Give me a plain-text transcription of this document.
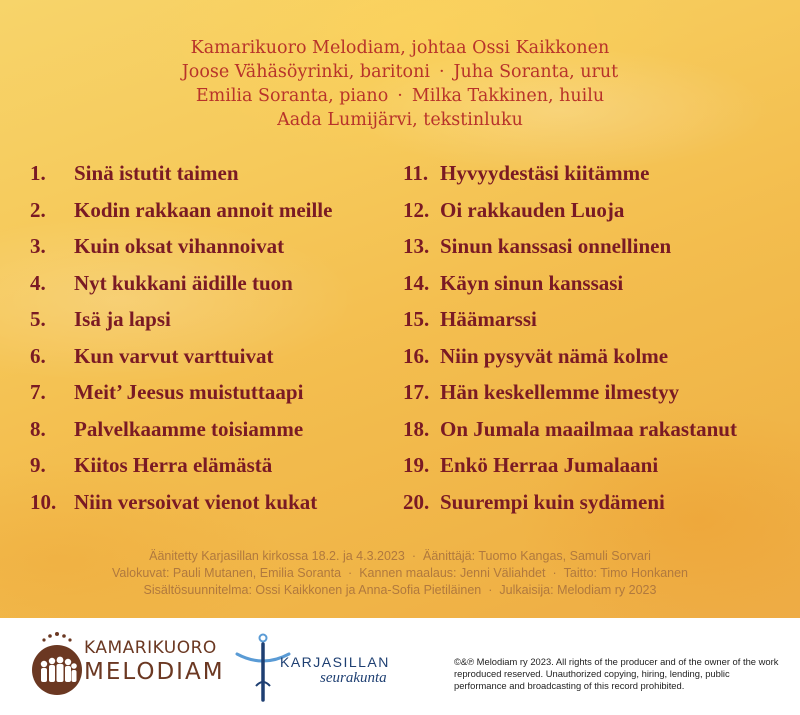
Kamarikuoro Melodiam, johtaa Ossi Kaikkonen
Joose Vähäsöyrinki, baritoni · Juha Soranta, urut
Emilia Soranta, piano · Milka Takkinen, huilu
Aada Lumijärvi, tekstinluku
1. Sinä istutit taimen
2. Kodin rakkaan annoit meille
3. Kuin oksat vihannoivat
4. Nyt kukkani äidille tuon
5. Isä ja lapsi
6. Kun varvut varttuivat
7. Meit’ Jeesus muistuttaapi
8. Palvelkaamme toisiamme
9. Kiitos Herra elämästä
10. Niin versoivat vienot kukat
11. Hyvyydestäsi kiitämme
12. Oi rakkauden Luoja
13. Sinun kanssasi onnellinen
14. Käyn sinun kanssasi
15. Häämarssi
16. Niin pysyvät nämä kolme
17. Hän keskellemme ilmestyy
18. On Jumala maailmaa rakastanut
19. Enkö Herraa Jumalaani
20. Suurempi kuin sydämeni
Äänitetty Karjasillan kirkossa 18.2. ja 4.3.2023 · Äänittäjä: Tuomo Kangas, Samuli Sorvari
Valokuvat: Pauli Mutanen, Emilia Soranta · Kannen maalaus: Jenni Väliahdet · Taitto: Timo Honkanen
Sisältösuunnitelma: Ossi Kaikkonen ja Anna-Sofia Pietiläinen · Julkaisija: Melodiam ry 2023
KAMARIKUORO
MELODIAM	KARJASILLAN
seurakunta
©&℗ Melodiam ry 2023. All rights of the producer and of the owner of the work reproduced reserved. Unauthorized copying, hiring, lending, public performance and broadcasting of this record prohibited.
